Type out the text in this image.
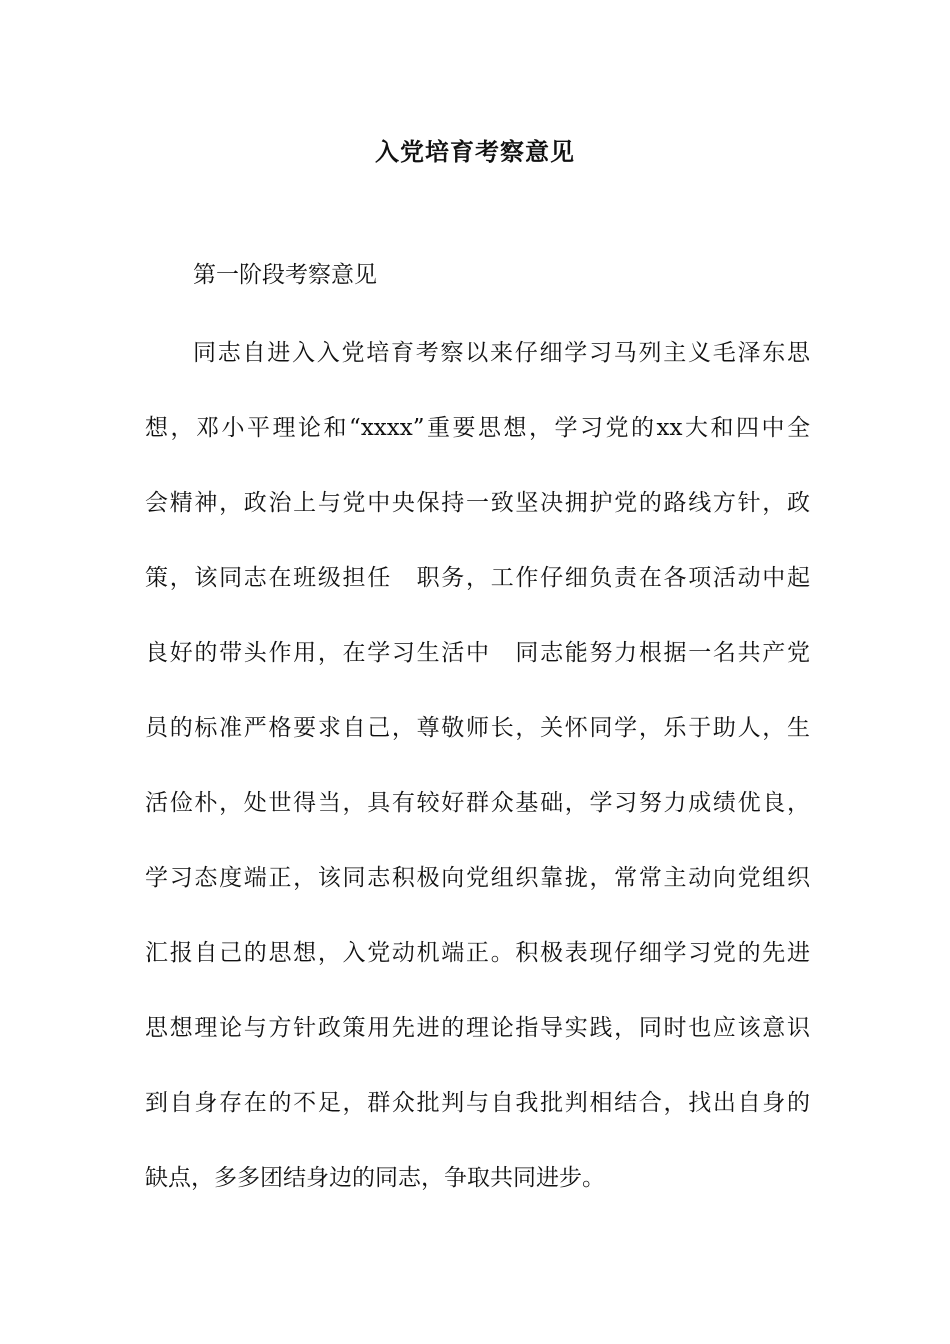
入党培育考察意见

第一阶段考察意见

同志自进入入党培育考察以来仔细学习马列主义毛泽东思
想，邓小平理论和“xxxx”重要思想，学习党的xx大和四中全
会精神，政治上与党中央保持一致坚决拥护党的路线方针，政
策，该同志在班级担任　职务，工作仔细负责在各项活动中起
良好的带头作用，在学习生活中　同志能努力根据一名共产党
员的标准严格要求自己，尊敬师长，关怀同学，乐于助人，生
活俭朴，处世得当，具有较好群众基础，学习努力成绩优良，
学习态度端正，该同志积极向党组织靠拢，常常主动向党组织
汇报自己的思想，入党动机端正。积极表现仔细学习党的先进
思想理论与方针政策用先进的理论指导实践，同时也应该意识
到自身存在的不足，群众批判与自我批判相结合，找出自身的
缺点，多多团结身边的同志，争取共同进步。
